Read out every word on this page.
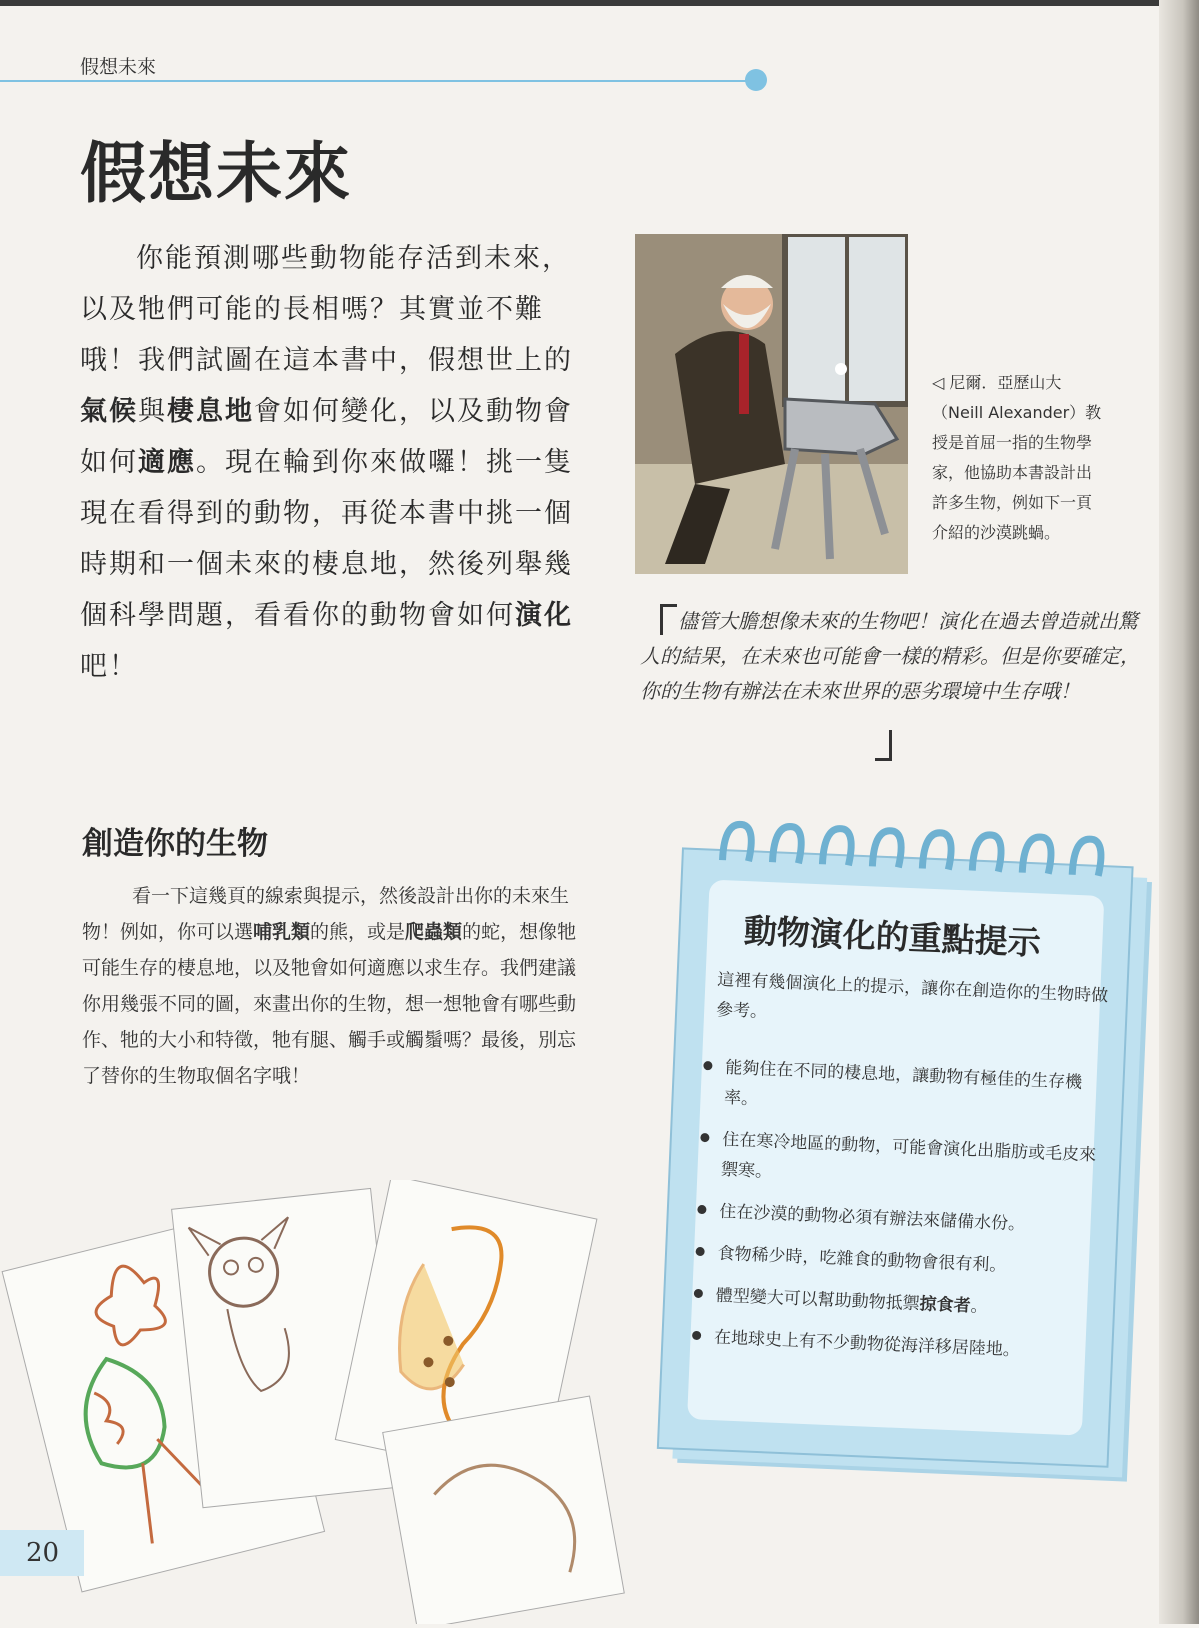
假想未來
假想未來

你能預測哪些動物能存活到未來，以及牠們可能的長相嗎？其實並不難哦！我們試圖在這本書中，假想世上的氣候與棲息地會如何變化，以及動物會如何適應。現在輪到你來做囉！挑一隻現在看得到的動物，再從本書中挑一個時期和一個未來的棲息地，然後列舉幾個科學問題，看看你的動物會如何演化吧！

◁ 尼爾．亞歷山大（Neill Alexander）教授是首屈一指的生物學家，他協助本書設計出許多生物，例如下一頁介紹的沙漠跳蝸。
儘管大膽想像未來的生物吧！演化在過去曾造就出驚人的結果，在未來也可能會一樣的精彩。但是你要確定，你的生物有辦法在未來世界的惡劣環境中生存哦！
創造你的生物

看一下這幾頁的線索與提示，然後設計出你的未來生物！例如，你可以選哺乳類的熊，或是爬蟲類的蛇，想像牠可能生存的棲息地，以及牠會如何適應以求生存。我們建議你用幾張不同的圖，來畫出你的生物，想一想牠會有哪些動作、牠的大小和特徵，牠有腿、觸手或觸鬚嗎？最後，別忘了替你的生物取個名字哦！

20
動物演化的重點提示
這裡有幾個演化上的提示，讓你在創造你的生物時做參考。
能夠住在不同的棲息地，讓動物有極佳的生存機率。
住在寒冷地區的動物，可能會演化出脂肪或毛皮來禦寒。
住在沙漠的動物必須有辦法來儲備水份。
食物稀少時，吃雜食的動物會很有利。
體型變大可以幫助動物抵禦掠食者。
在地球史上有不少動物從海洋移居陸地。
